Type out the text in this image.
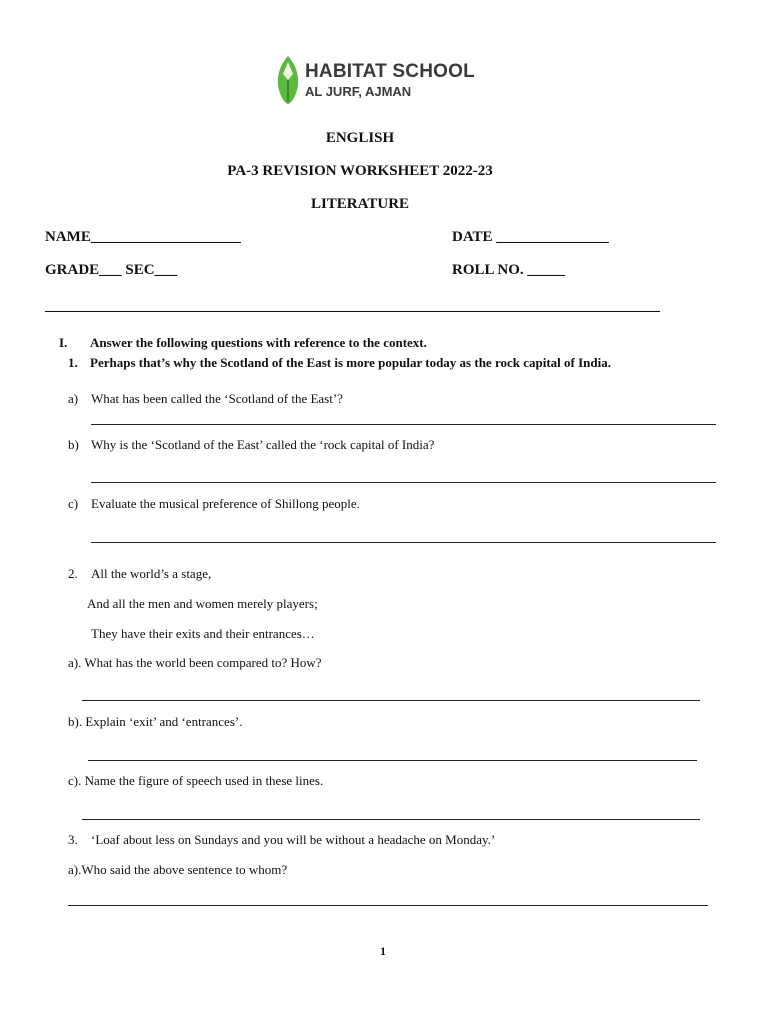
HABITAT SCHOOL
AL JURF, AJMAN
ENGLISH
PA-3 REVISION WORKSHEET 2022-23
LITERATURE
NAME____________________	DATE _______________
GRADE___ SEC___	ROLL NO. _____
__________________________________________________________________________________
I. Answer the following questions with reference to the context.
1. Perhaps that’s why the Scotland of the East is more popular today as the rock capital of India.
a) What has been called the ‘Scotland of the East’?
b) Why is the ‘Scotland of the East’ called the ‘rock capital of India?
c) Evaluate the musical preference of Shillong people.
2. All the world’s a stage,
And all the men and women merely players;
They have their exits and their entrances…
a). What has the world been compared to? How?
b). Explain ‘exit’ and ‘entrances’.
c). Name the figure of speech used in these lines.
3. ‘Loaf about less on Sundays and you will be without a headache on Monday.’
a).Who said the above sentence to whom?
1
